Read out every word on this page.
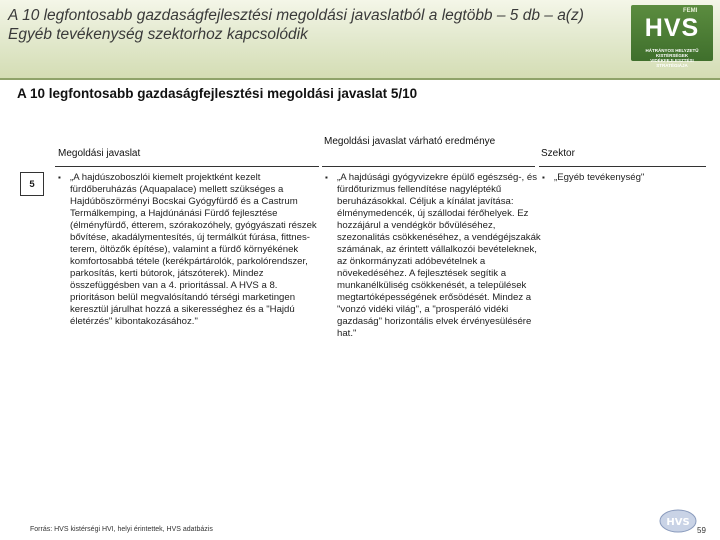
A 10 legfontosabb gazdaságfejlesztési megoldási javaslatból a legtöbb – 5 db – a(z) Egyéb tevékenység szektorhoz kapcsolódik
FEMI
HVS
HÁTRÁNYOS HELYZETŰ KISTÉRSÉGEK VIDÉKFEJLESZTÉSI STRATÉGIÁJA
A 10 legfontosabb gazdaságfejlesztési megoldási javaslat 5/10
Megoldási javaslat
Megoldási javaslat várható eredménye
Szektor
5
▪ „A hajdúszoboszlói kiemelt projektként kezelt fürdőberuházás (Aquapalace) mellett szükséges a Hajdúböszörményi Bocskai Gyógyfürdő és a Castrum Termálkemping, a Hajdúnánási Fürdő fejlesztése (élményfürdő, étterem, szórakozóhely, gyógyászati részek bővítése, akadálymentesítés, új termálkút fúrása, fittnes-terem, öltözők építése), valamint a fürdő környékének komfortosabbá tétele (kerékpártárolók, parkolórendszer, parkosítás, kerti bútorok, játszóterek). Mindez összefüggésben van a 4. prioritással. A HVS a 8. prioritáson belül megvalósítandó térségi marketingen keresztül járulhat hozzá a sikerességhez és a "Hajdú életérzés" kibontakozásához."
▪ „A hajdúsági gyógyvizekre épülő egészség-, és fürdőturizmus fellendítése nagyléptékű beruházásokkal. Céljuk a kínálat javítása: élménymedencék, új szállodai férőhelyek. Ez hozzájárul a vendégkör bővüléséhez, szezonalitás csökkenéséhez, a vendégéjszakák számának, az érintett vállalkozói bevételeknek, az önkormányzati adóbevételnek a növekedéséhez. A fejlesztések segítik a munkanélküliség csökkenését, a települések megtartóképességének erősödését. Mindez a "vonzó vidéki világ", a "prosperáló vidéki gazdaság" horizontális elvek érvényesülésére hat."
▪ „Egyéb tevékenység"
Forrás: HVS kistérségi HVI, helyi érintettek, HVS adatbázis
HVS
59
